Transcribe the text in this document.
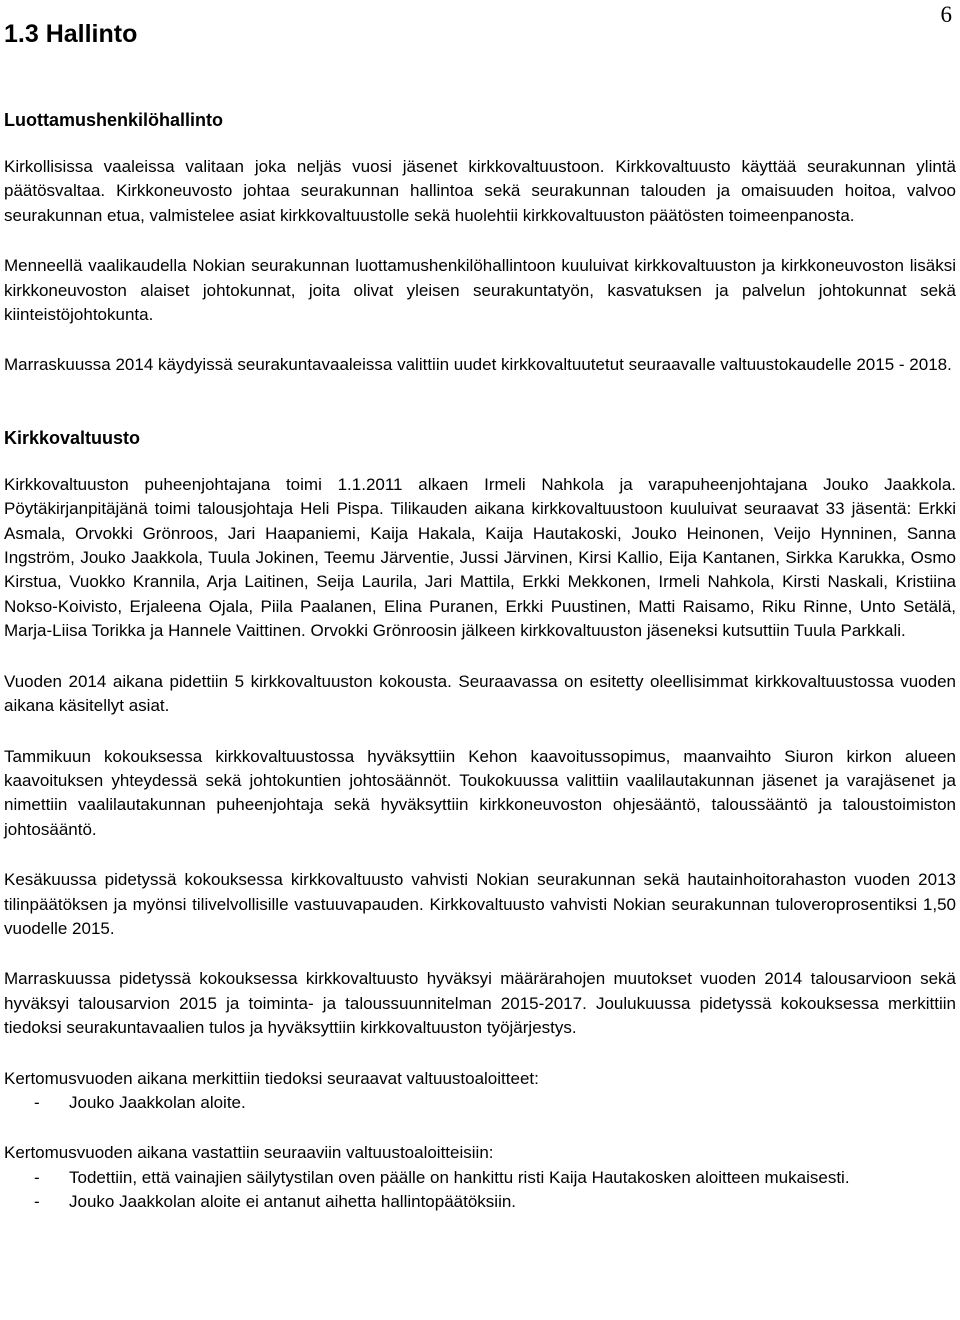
6
1.3 Hallinto
Luottamushenkilöhallinto

Kirkollisissa vaaleissa valitaan joka neljäs vuosi jäsenet kirkkovaltuustoon. Kirkkovaltuusto käyttää seurakunnan ylintä päätösvaltaa. Kirkkoneuvosto johtaa seurakunnan hallintoa sekä seurakunnan talouden ja omaisuuden hoitoa, valvoo seurakunnan etua, valmistelee asiat kirkkovaltuustolle sekä huolehtii kirkkovaltuuston päätösten toimeenpanosta.

Menneellä vaalikaudella Nokian seurakunnan luottamushenkilöhallintoon kuuluivat kirkkovaltuuston ja kirkkoneuvoston lisäksi kirkkoneuvoston alaiset johtokunnat, joita olivat yleisen seurakuntatyön, kasvatuksen ja palvelun johtokunnat sekä kiinteistöjohtokunta.

Marraskuussa 2014 käydyissä seurakuntavaaleissa valittiin uudet kirkkovaltuutetut seuraavalle valtuustokaudelle 2015 - 2018.

Kirkkovaltuusto

Kirkkovaltuuston puheenjohtajana toimi 1.1.2011 alkaen Irmeli Nahkola ja varapuheenjohtajana Jouko Jaakkola. Pöytäkirjanpitäjänä toimi talousjohtaja Heli Pispa. Tilikauden aikana kirkkovaltuustoon kuuluivat seuraavat 33 jäsentä: Erkki Asmala, Orvokki Grönroos, Jari Haapaniemi, Kaija Hakala, Kaija Hautakoski, Jouko Heinonen, Veijo Hynninen, Sanna Ingström, Jouko Jaakkola, Tuula Jokinen, Teemu Järventie, Jussi Järvinen, Kirsi Kallio, Eija Kantanen, Sirkka Karukka, Osmo Kirstua, Vuokko Krannila, Arja Laitinen, Seija Laurila, Jari Mattila, Erkki Mekkonen, Irmeli Nahkola, Kirsti Naskali, Kristiina Nokso-Koivisto, Erjaleena Ojala, Piila Paalanen, Elina Puranen, Erkki Puustinen, Matti Raisamo, Riku Rinne, Unto Setälä, Marja-Liisa Torikka ja Hannele Vaittinen. Orvokki Grönroosin jälkeen kirkkovaltuuston jäseneksi kutsuttiin Tuula Parkkali.

Vuoden 2014 aikana pidettiin 5 kirkkovaltuuston kokousta. Seuraavassa on esitetty oleellisimmat kirkkovaltuustossa vuoden aikana käsitellyt asiat.

Tammikuun kokouksessa kirkkovaltuustossa hyväksyttiin Kehon kaavoitussopimus, maanvaihto Siuron kirkon alueen kaavoituksen yhteydessä sekä johtokuntien johtosäännöt. Toukokuussa valittiin vaalilautakunnan jäsenet ja varajäsenet ja nimettiin vaalilautakunnan puheenjohtaja sekä hyväksyttiin kirkkoneuvoston ohjesääntö, taloussääntö ja taloustoimiston johtosääntö.

Kesäkuussa pidetyssä kokouksessa kirkkovaltuusto vahvisti Nokian seurakunnan sekä hautainhoitorahaston vuoden 2013 tilinpäätöksen ja myönsi tilivelvollisille vastuuvapauden. Kirkkovaltuusto vahvisti Nokian seurakunnan tuloveroprosentiksi 1,50 vuodelle 2015.

Marraskuussa pidetyssä kokouksessa kirkkovaltuusto hyväksyi määrärahojen muutokset vuoden 2014 talousarvioon sekä hyväksyi talousarvion 2015 ja toiminta- ja taloussuunnitelman 2015-2017. Joulukuussa pidetyssä kokouksessa merkittiin tiedoksi seurakuntavaalien tulos ja hyväksyttiin kirkkovaltuuston työjärjestys.

Kertomusvuoden aikana merkittiin tiedoksi seuraavat valtuustoaloitteet:

- Jouko Jaakkolan aloite.

Kertomusvuoden aikana vastattiin seuraaviin valtuustoaloitteisiin:

- Todettiin, että vainajien säilytystilan oven päälle on hankittu risti Kaija Hautakosken aloitteen mukaisesti.
- Jouko Jaakkolan aloite ei antanut aihetta hallintopäätöksiin.
